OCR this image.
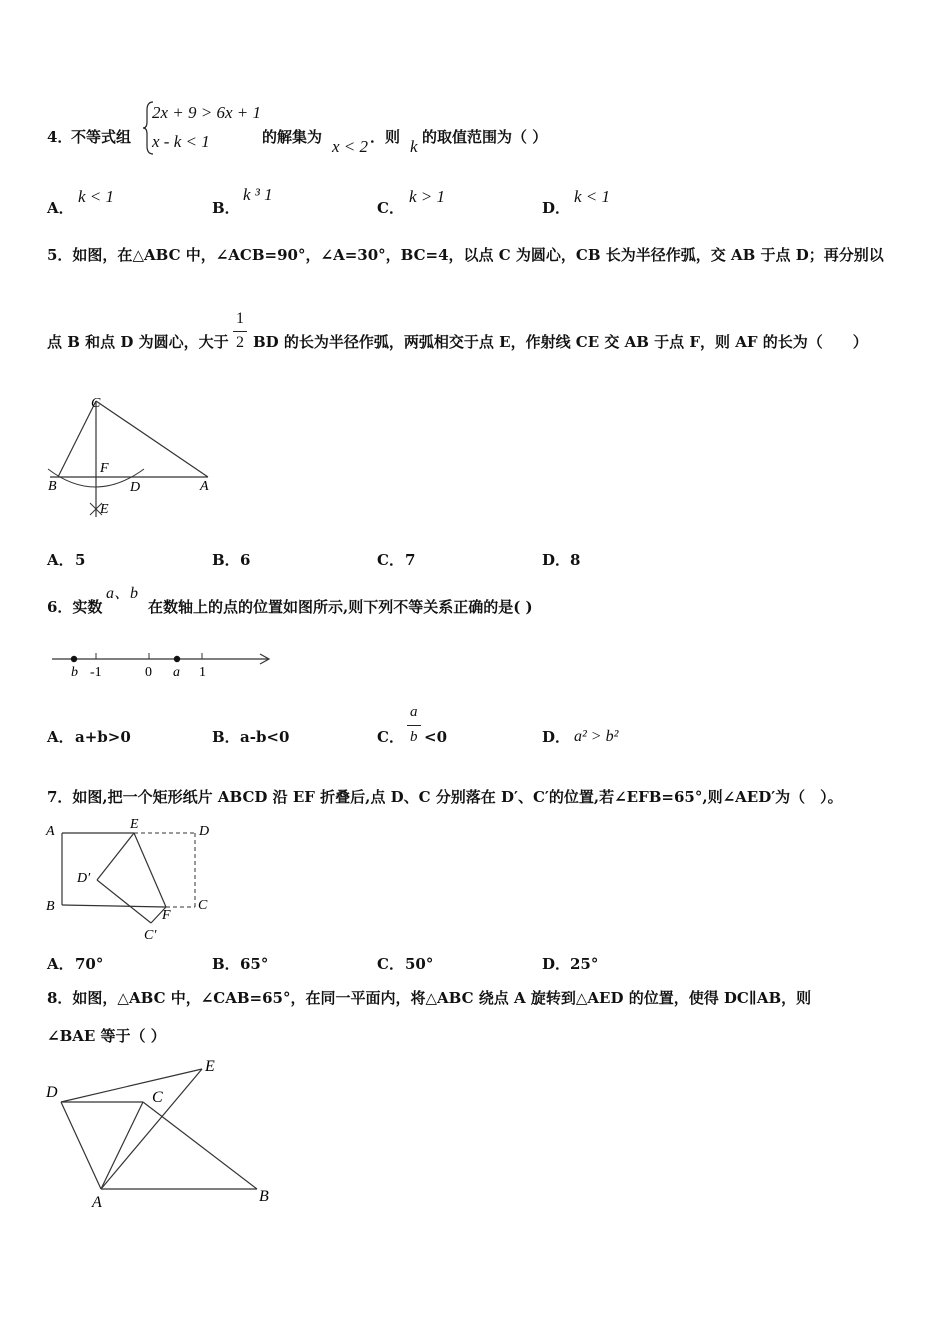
4．
不等式组
2x + 9 > 6x + 1
x - k < 1	的解集为 x < 2 ．则 k 的取值范围为（ ）
A．
k < 1
B．
k ³ 1
C．
k > 1
D．
k < 1
5．如图，在△ABC 中，∠ACB=90°，∠A=30°，BC=4，以点 C 为圆心，CB 长为半径作弧，交 AB 于点 D；再分别以
点 B 和点 D 为圆心，大于
1
2 BD 的长为半径作弧，两弧相交于点 E，作射线 CE 交 AB 于点 F，则 AF 的长为（　　）
C
B
F
D	A
E
A． 5	B． 6	C． 7	D． 8
6．实数
a、b
在数轴上的点的位置如图所示,则下列不等关系正确的是( )
b -1	0 a 1
A． a+b>0	B． a-b<0	C．
a
b <0	D． a² > b²
7．如图,把一个矩形纸片 ABCD 沿 EF 折叠后,点 D、C 分别落在 D′、C′的位置,若∠EFB=65°,则∠AED′为（　）。
A	E	D
D′
B
F
C
C′
A． 70°	B． 65°	C． 50°	D． 25°
8．如图，△ABC 中，∠CAB=65°，在同一平面内，将△ABC 绕点 A 旋转到△AED 的位置，使得 DC∥AB，则
∠BAE 等于（ ）
D
E
C
A	B
